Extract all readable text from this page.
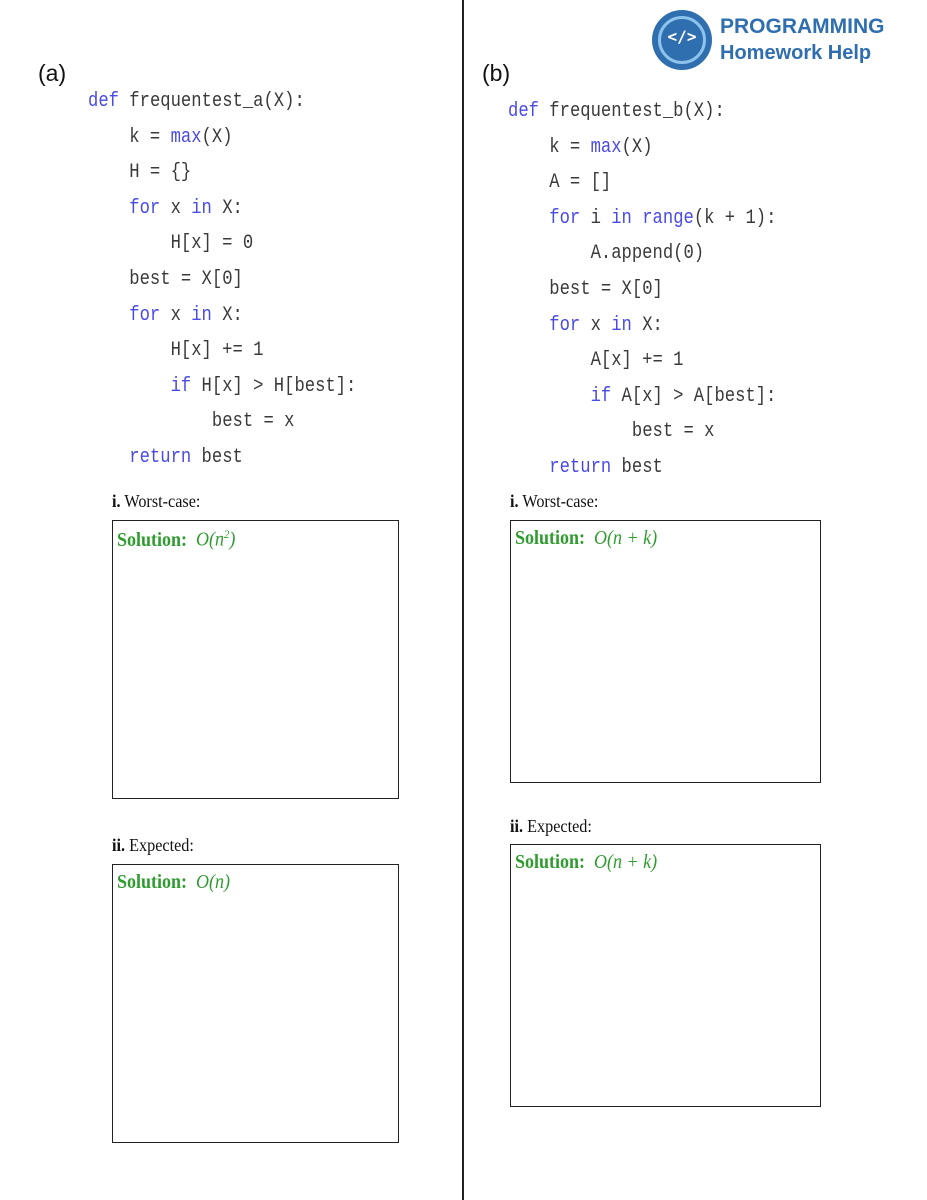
</>	PROGRAMMING
Homework Help
(a)
def frequentest_a(X):
k = max(X)
H = {}
for x in X:
H[x] = 0
best = X[0]
for x in X:
H[x] += 1
if H[x] > H[best]:
best = x
return best
i. Worst-case:
Solution: $O(n^2)$
ii. Expected:
Solution: O(n)
(b)
def frequentest_b(X):
k = max(X)
A = []
for i in range(k + 1):
A.append(0)
best = X[0]
for x in X:
A[x] += 1
if A[x] > A[best]:
best = x
return best
i. Worst-case:
Solution: O(n + k)
ii. Expected:
Solution: O(n + k)
